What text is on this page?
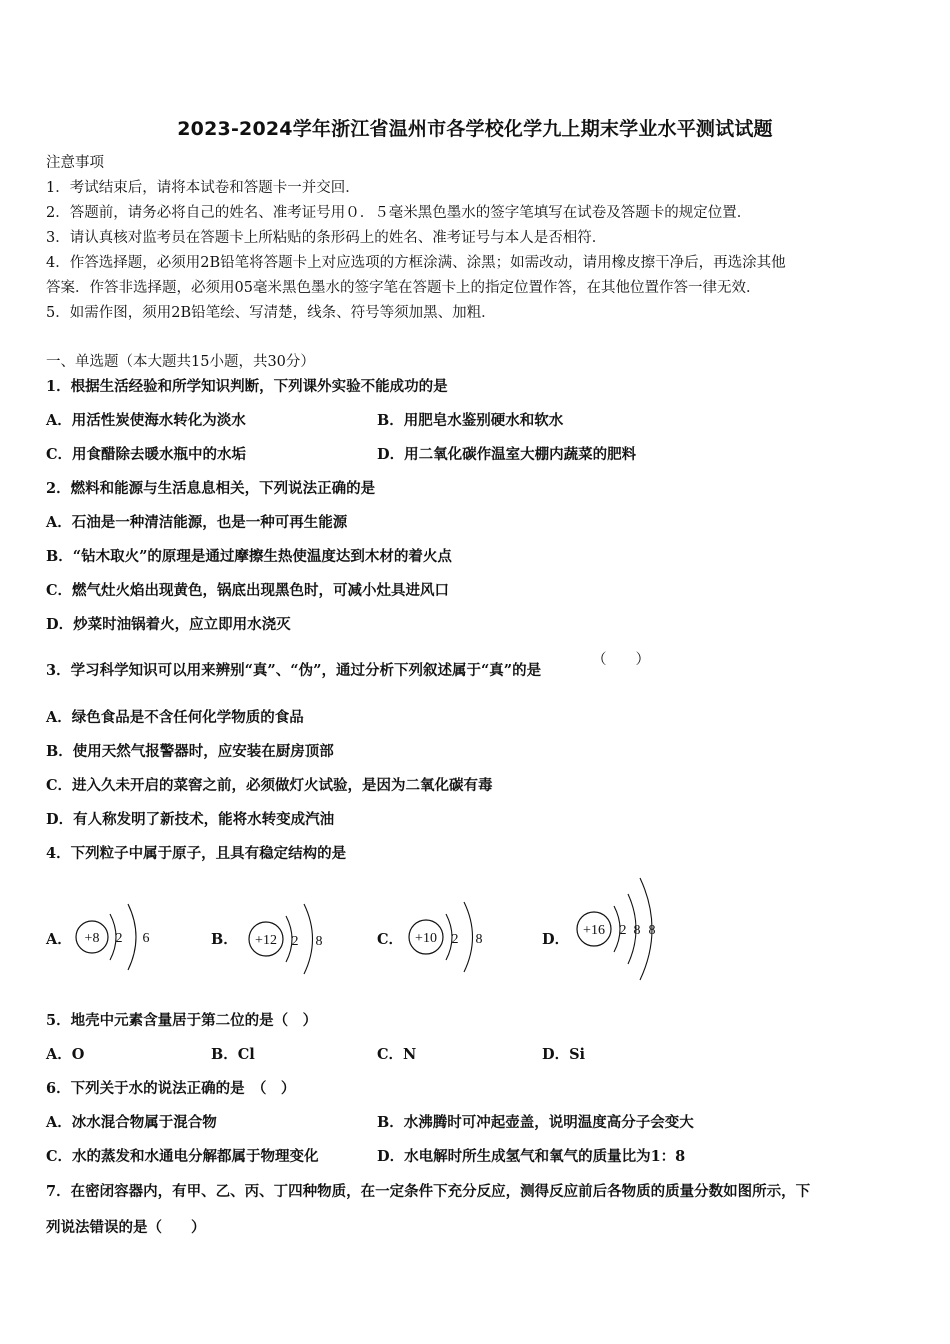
2023-2024学年浙江省温州市各学校化学九上期末学业水平测试试题
注意事项
1．考试结束后，请将本试卷和答题卡一并交回．
2．答题前，请务必将自己的姓名、准考证号用０．５毫米黑色墨水的签字笔填写在试卷及答题卡的规定位置．
3．请认真核对监考员在答题卡上所粘贴的条形码上的姓名、准考证号与本人是否相符．
4．作答选择题，必须用2B铅笔将答题卡上对应选项的方框涂满、涂黑；如需改动，请用橡皮擦干净后，再选涂其他
答案．作答非选择题，必须用05毫米黑色墨水的签字笔在答题卡上的指定位置作答，在其他位置作答一律无效．
5．如需作图，须用2B铅笔绘、写清楚，线条、符号等须加黑、加粗．
一、单选题（本大题共15小题，共30分）
1．根据生活经验和所学知识判断，下列课外实验不能成功的是
A．用活性炭使海水转化为淡水	B．用肥皂水鉴别硬水和软水
C．用食醋除去暖水瓶中的水垢	D．用二氧化碳作温室大棚内蔬菜的肥料
2．燃料和能源与生活息息相关，下列说法正确的是
A．石油是一种清洁能源，也是一种可再生能源
B．“钻木取火”的原理是通过摩擦生热使温度达到木材的着火点
C．燃气灶火焰出现黄色，锅底出现黑色时，可减小灶具进风口
D．炒菜时油锅着火，应立即用水浇灭
3．学习科学知识可以用来辨别“真”、“伪”，通过分析下列叙述属于“真”的是
（　　）
A．绿色食品是不含任何化学物质的食品
B．使用天然气报警器时，应安装在厨房顶部
C．进入久未开启的菜窖之前，必须做灯火试验，是因为二氧化碳有毒
D．有人称发明了新技术，能将水转变成汽油
4．下列粒子中属于原子，且具有稳定结构的是
A． +8 2 6	B． +12 2 8	C． +10 2 8	D．
+16 2 8 8
5．地壳中元素含量居于第二位的是（　）
A．O	B．Cl	C．N	D．Si
6．下列关于水的说法正确的是　（　）
A．冰水混合物属于混合物	B．水沸腾时可冲起壶盖，说明温度高分子会变大
C．水的蒸发和水通电分解都属于物理变化	D．水电解时所生成氢气和氧气的质量比为1：8
7．在密闭容器内，有甲、乙、丙、丁四种物质，在一定条件下充分反应，测得反应前后各物质的质量分数如图所示，下
列说法错误的是（　　）
